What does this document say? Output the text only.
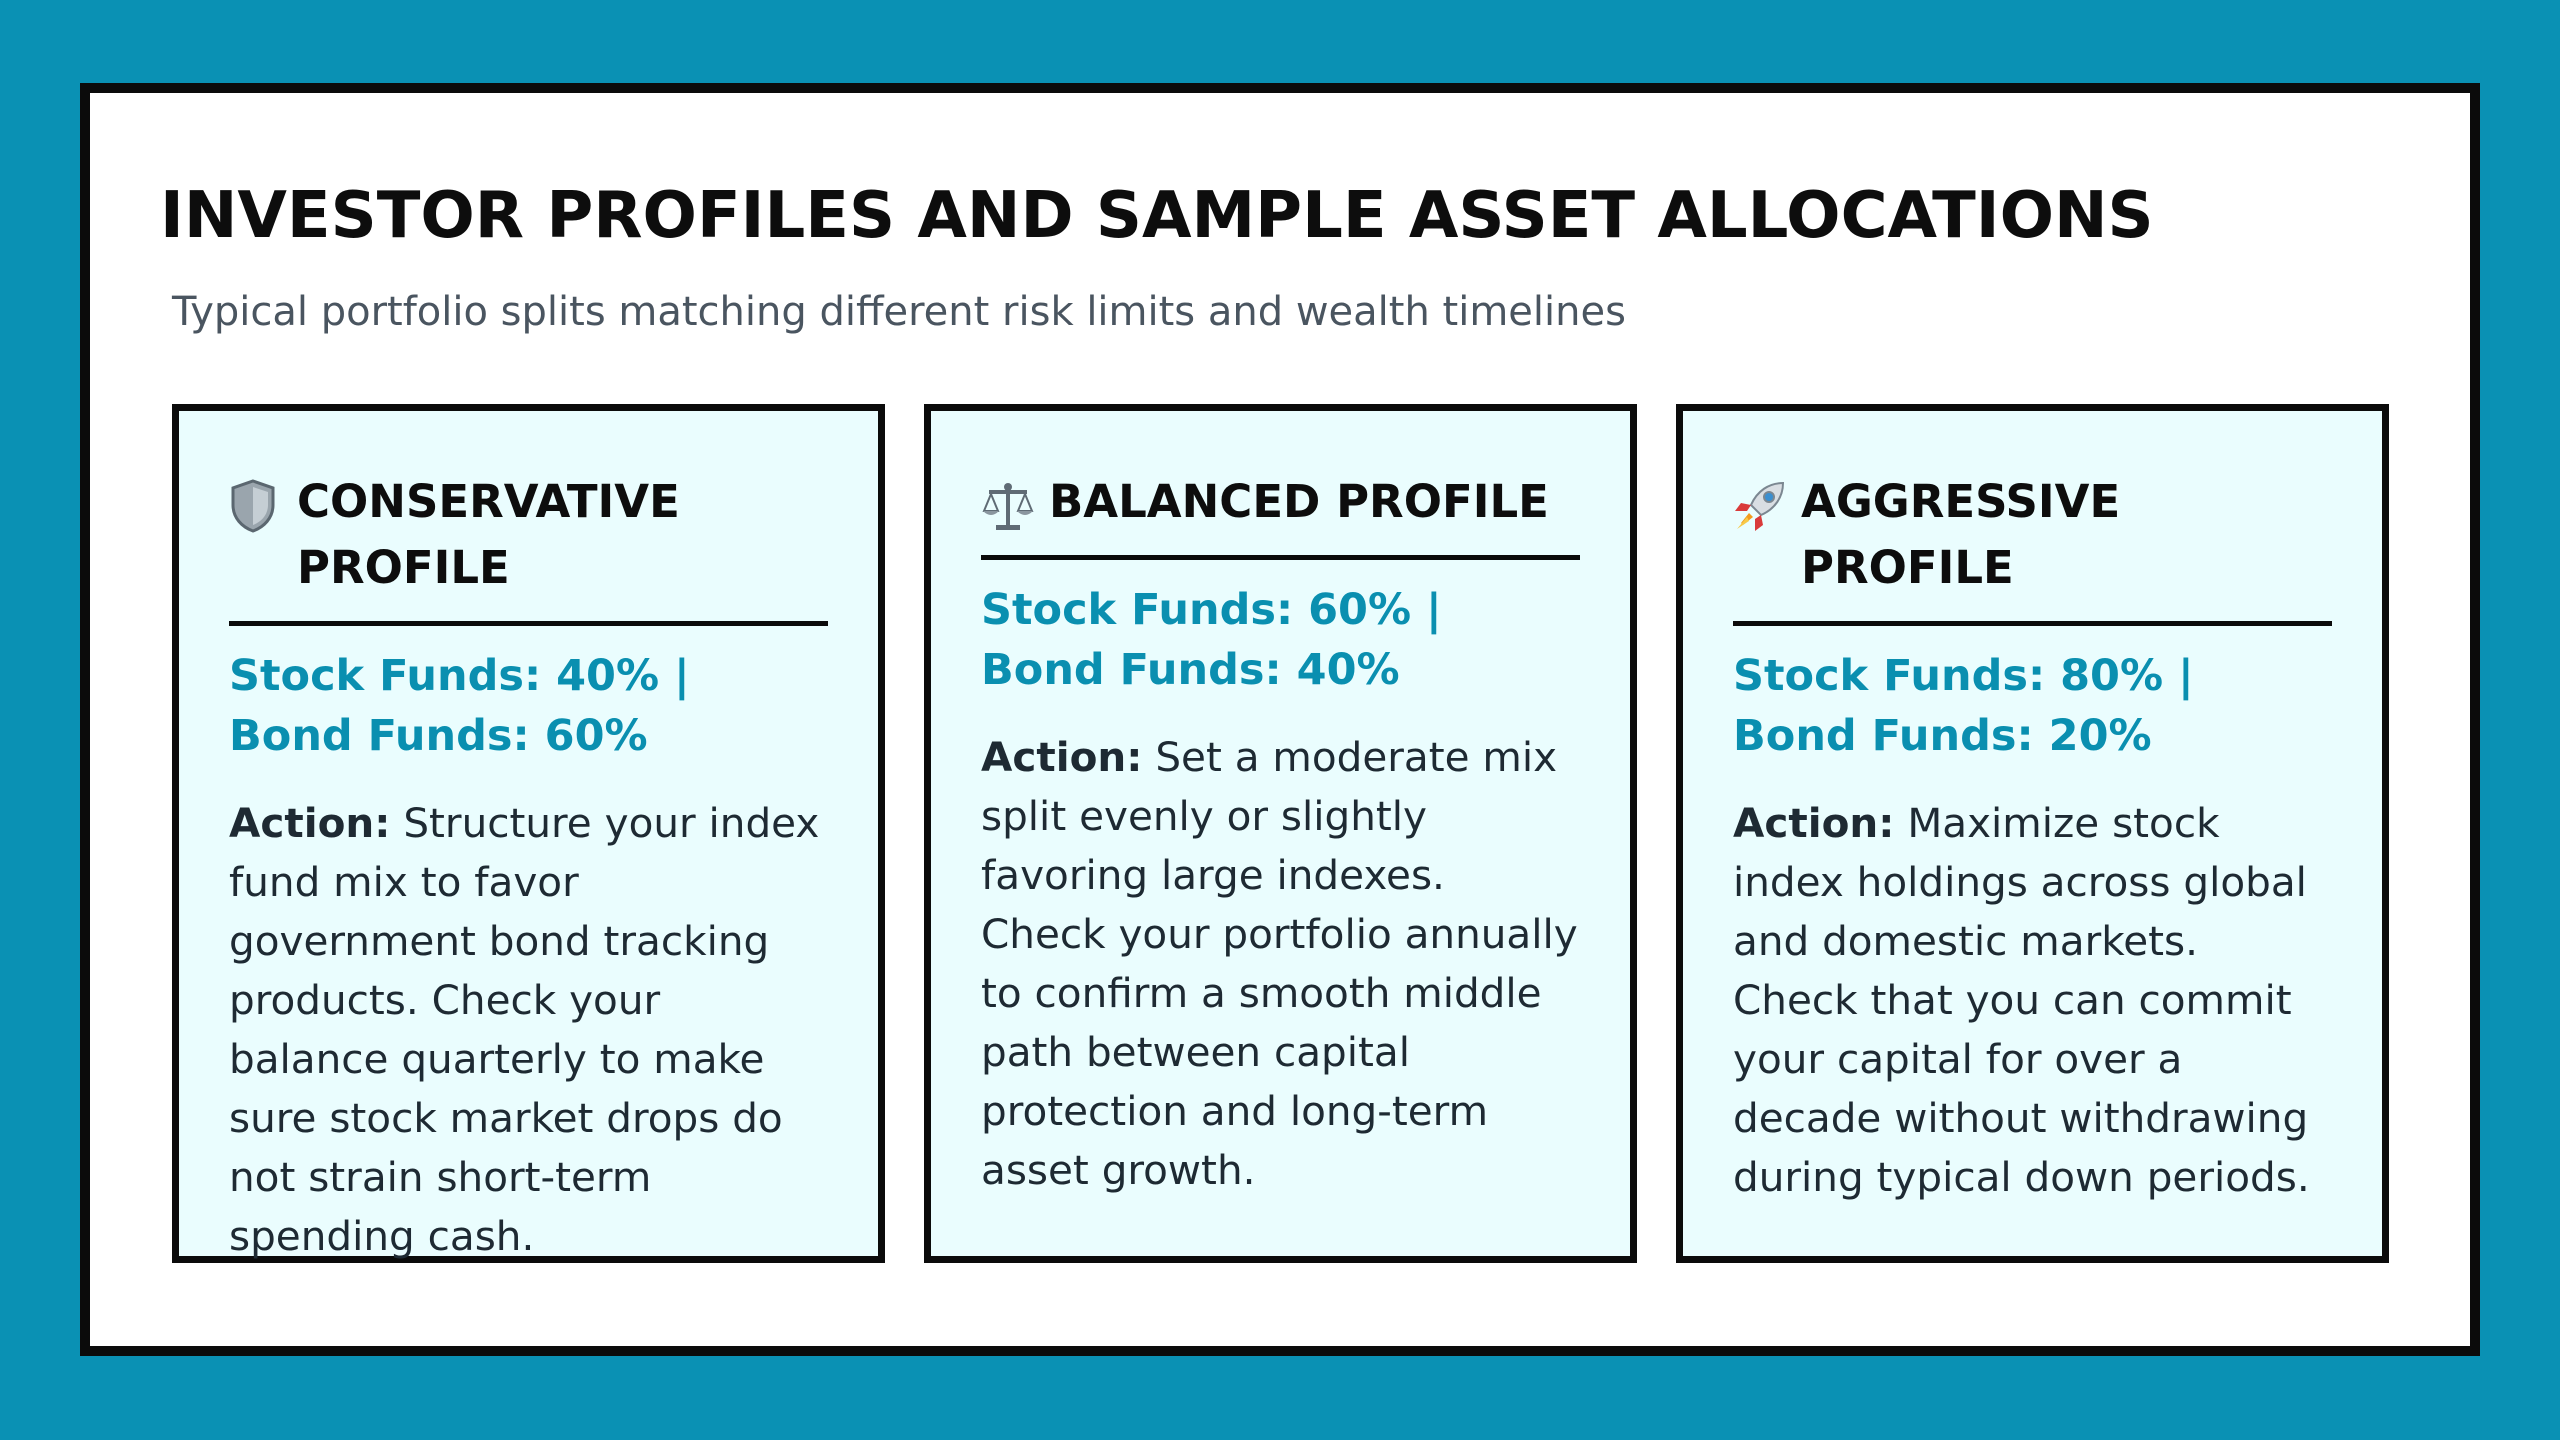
INVESTOR PROFILES AND SAMPLE ASSET ALLOCATIONS

Typical portfolio splits matching different risk limits and wealth timelines

CONSERVATIVE PROFILE

Stock Funds: 40% | Bond Funds: 60%

Action: Structure your index fund mix to favor government bond tracking products. Check your balance quarterly to make sure stock market drops do not strain short-term spending cash.

BALANCED PROFILE

Stock Funds: 60% | Bond Funds: 40%

Action: Set a moderate mix split evenly or slightly favoring large indexes. Check your portfolio annually to confirm a smooth middle path between capital protection and long-term asset growth.

AGGRESSIVE PROFILE

Stock Funds: 80% | Bond Funds: 20%

Action: Maximize stock index holdings across global and domestic markets. Check that you can commit your capital for over a decade without withdrawing during typical down periods.
